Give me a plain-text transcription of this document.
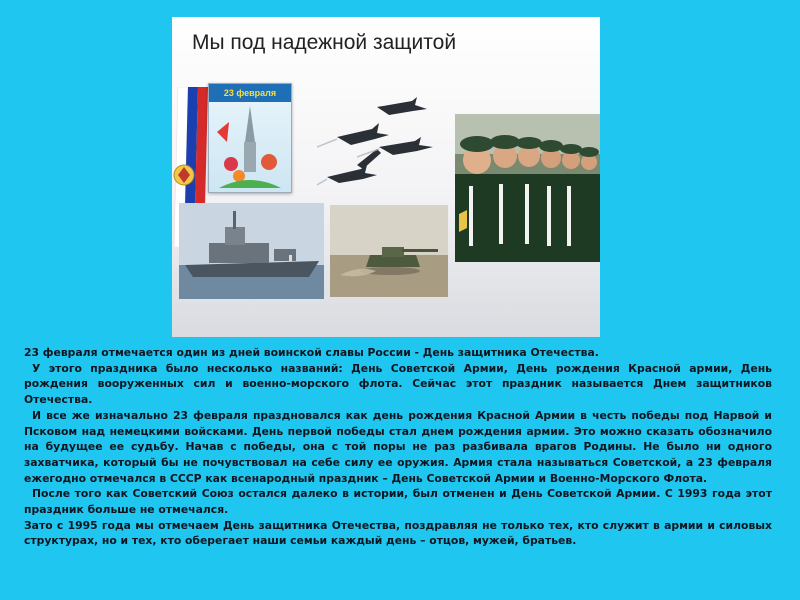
Мы под надежной защитой
23 февраля

23 февраля отмечается один из дней воинской славы России - День защитника Отечества.

У этого праздника было несколько названий: День Советской Армии, День рождения Красной армии, День рождения вооруженных сил и военно-морского флота. Сейчас этот праздник называется Днем защитников Отечества.

И все же изначально 23 февраля праздновался как день рождения Красной Армии в честь победы под Нарвой и Псковом над немецкими войсками. День первой победы стал днем рождения армии. Это можно сказать обозначило на будущее ее судьбу. Начав с победы, она с той поры не раз разбивала врагов Родины. Не было ни одного захватчика, который бы не почувствовал на себе силу ее оружия. Армия стала называться Советской, а 23 февраля ежегодно отмечался в СССР как всенародный праздник – День Советской Армии и Военно-Морского Флота.

После того как Советский Союз остался далеко в истории, был отменен и День Советской Армии. С 1993 года этот праздник больше не отмечался.

Зато с 1995 года мы отмечаем День защитника Отечества, поздравляя не только тех, кто служит в армии и силовых структурах, но и тех, кто оберегает наши семьи каждый день – отцов, мужей, братьев.
